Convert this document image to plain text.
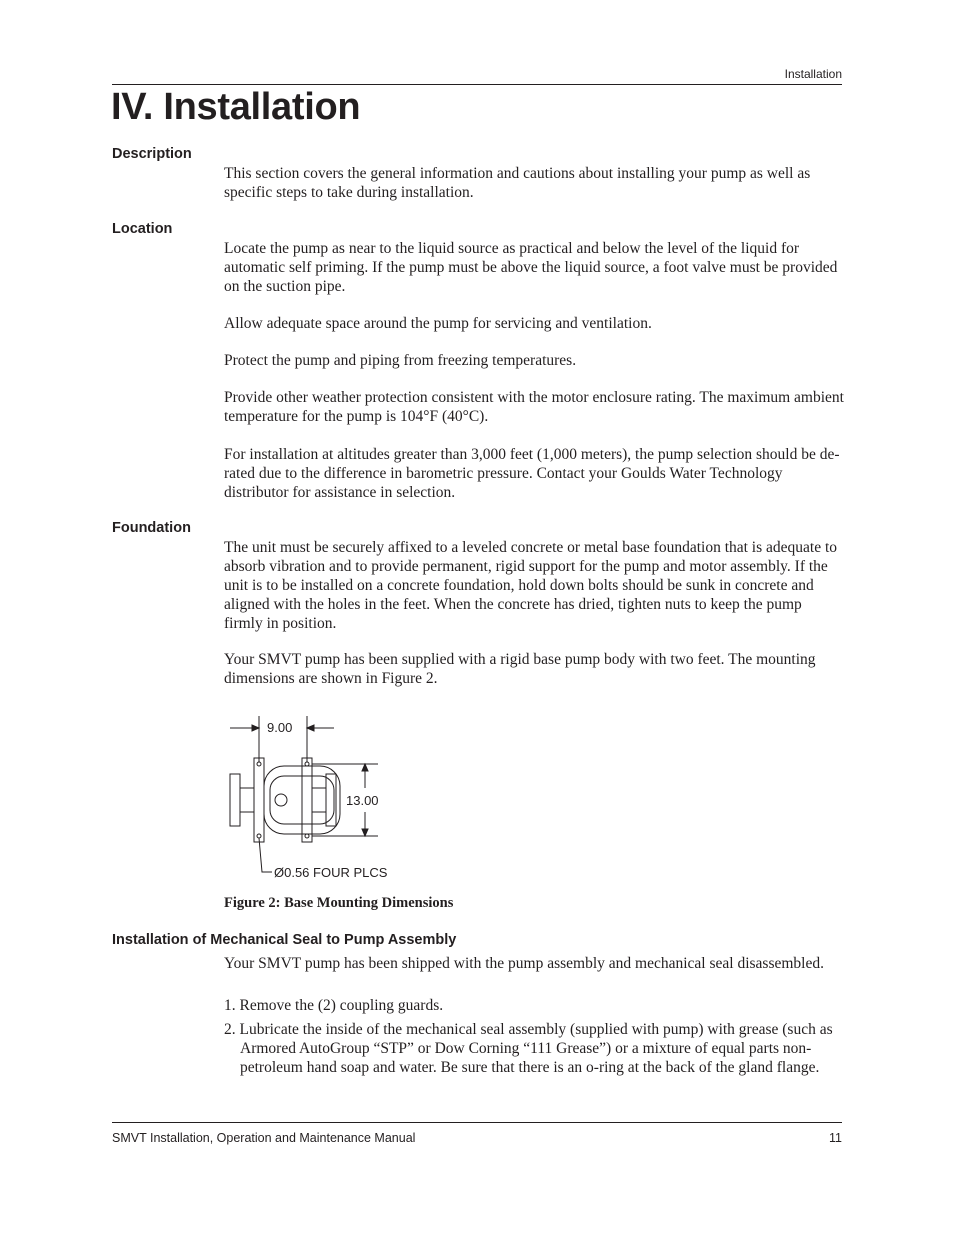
Installation
IV. Installation
Description

This section covers the general information and cautions about installing your pump as well as specific steps to take during installation.

Location

Locate the pump as near to the liquid source as practical and below the level of the liquid for automatic self priming. If the pump must be above the liquid source, a foot valve must be provided on the suction pipe.

Allow adequate space around the pump for servicing and ventilation.

Protect the pump and piping from freezing temperatures.

Provide other weather protection consistent with the motor enclosure rating. The maximum ambient temperature for the pump is 104°F (40°C).

For installation at altitudes greater than 3,000 feet (1,000 meters), the pump selection should be de-rated due to the difference in barometric pressure. Contact your Goulds Water Technology distributor for assistance in selection.

Foundation

The unit must be securely affixed to a leveled concrete or metal base foundation that is adequate to absorb vibration and to provide permanent, rigid support for the pump and motor assembly. If the unit is to be installed on a concrete foundation, hold down bolts should be sunk in concrete and aligned with the holes in the feet. When the concrete has dried, tighten nuts to keep the pump firmly in position.

Your SMVT pump has been supplied with a rigid base pump body with two feet. The mounting dimensions are shown in Figure 2.

9.00
13.00
Ø0.56 FOUR PLCS
Figure 2: Base Mounting Dimensions
Installation of Mechanical Seal to Pump Assembly

Your SMVT pump has been shipped with the pump assembly and mechanical seal disassembled.

1. Remove the (2) coupling guards.

2. Lubricate the inside of the mechanical seal assembly (supplied with pump) with grease (such as Armored AutoGroup “STP” or Dow Corning “111 Grease”) or a mixture of equal parts non-petroleum hand soap and water. Be sure that there is an o-ring at the back of the gland flange.

SMVT Installation, Operation and Maintenance Manual	11
